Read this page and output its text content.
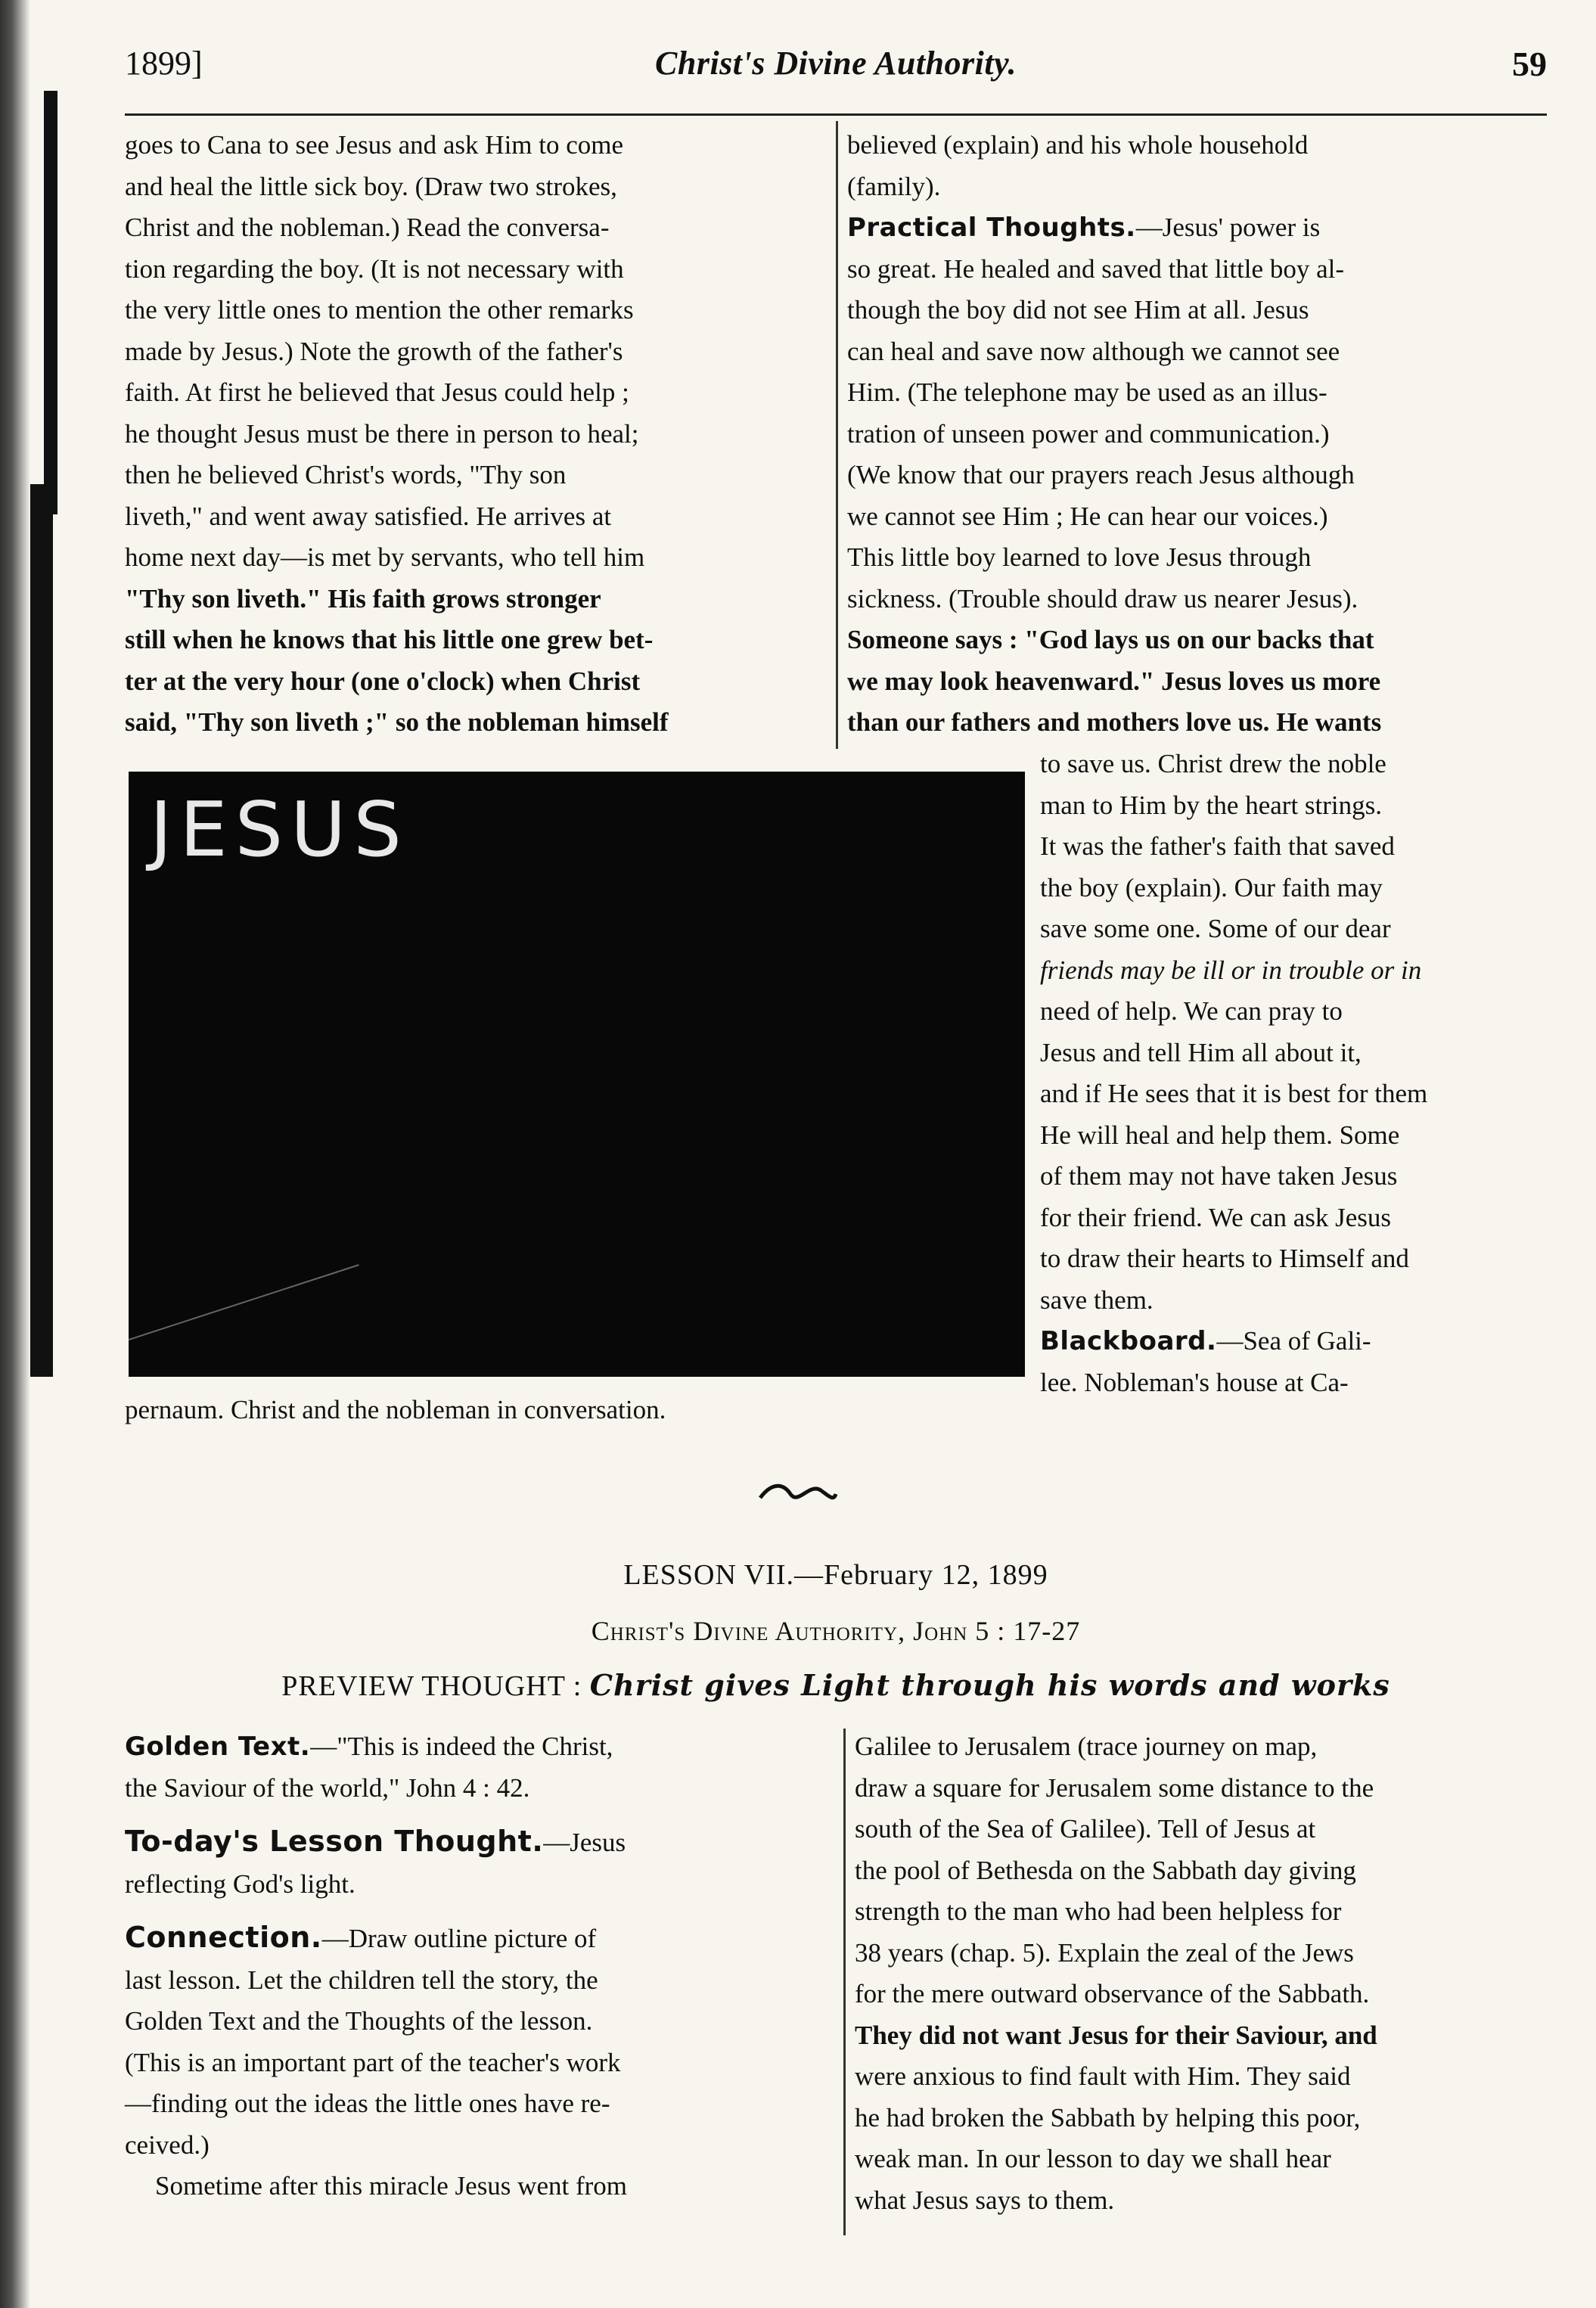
1899]	Christ's Divine Authority.	59

goes to Cana to see Jesus and ask Him to come

and heal the little sick boy. (Draw two strokes,

Christ and the nobleman.) Read the conversa-

tion regarding the boy. (It is not necessary with

the very little ones to mention the other remarks

made by Jesus.) Note the growth of the father's

faith. At first he believed that Jesus could help ;

he thought Jesus must be there in person to heal;

then he believed Christ's words, "Thy son

liveth," and went away satisfied. He arrives at

home next day—is met by servants, who tell him

"Thy son liveth." His faith grows stronger

still when he knows that his little one grew bet-

ter at the very hour (one o'clock) when Christ

said, "Thy son liveth ;" so the nobleman himself

believed (explain) and his whole household

(family).

Practical Thoughts.—Jesus' power is

so great. He healed and saved that little boy al-

though the boy did not see Him at all. Jesus

can heal and save now although we cannot see

Him. (The telephone may be used as an illus-

tration of unseen power and communication.)

(We know that our prayers reach Jesus although

we cannot see Him ; He can hear our voices.)

This little boy learned to love Jesus through

sickness. (Trouble should draw us nearer Jesus).

Someone says : "God lays us on our backs that

we may look heavenward." Jesus loves us more

than our fathers and mothers love us. He wants

to save us. Christ drew the noble

man to Him by the heart strings.

It was the father's faith that saved

the boy (explain). Our faith may

save some one. Some of our dear

friends may be ill or in trouble or in

need of help. We can pray to

Jesus and tell Him all about it,

and if He sees that it is best for them

He will heal and help them. Some

of them may not have taken Jesus

for their friend. We can ask Jesus

to draw their hearts to Himself and

save them.

Blackboard.—Sea of Gali-

lee. Nobleman's house at Ca-

JESUS
pernaum. Christ and the nobleman in conversation.
LESSON VII.—February 12, 1899
Christ's Divine Authority, John 5 : 17-27
PREVIEW THOUGHT : Christ gives Light through his words and works

Golden Text.—"This is indeed the Christ,

the Saviour of the world," John 4 : 42.

To-day's Lesson Thought.—Jesus

reflecting God's light.

Connection.—Draw outline picture of

last lesson. Let the children tell the story, the

Golden Text and the Thoughts of the lesson.

(This is an important part of the teacher's work

—finding out the ideas the little ones have re-

ceived.)

Sometime after this miracle Jesus went from

Galilee to Jerusalem (trace journey on map,

draw a square for Jerusalem some distance to the

south of the Sea of Galilee). Tell of Jesus at

the pool of Bethesda on the Sabbath day giving

strength to the man who had been helpless for

38 years (chap. 5). Explain the zeal of the Jews

for the mere outward observance of the Sabbath.

They did not want Jesus for their Saviour, and

were anxious to find fault with Him. They said

he had broken the Sabbath by helping this poor,

weak man. In our lesson to day we shall hear

what Jesus says to them.
